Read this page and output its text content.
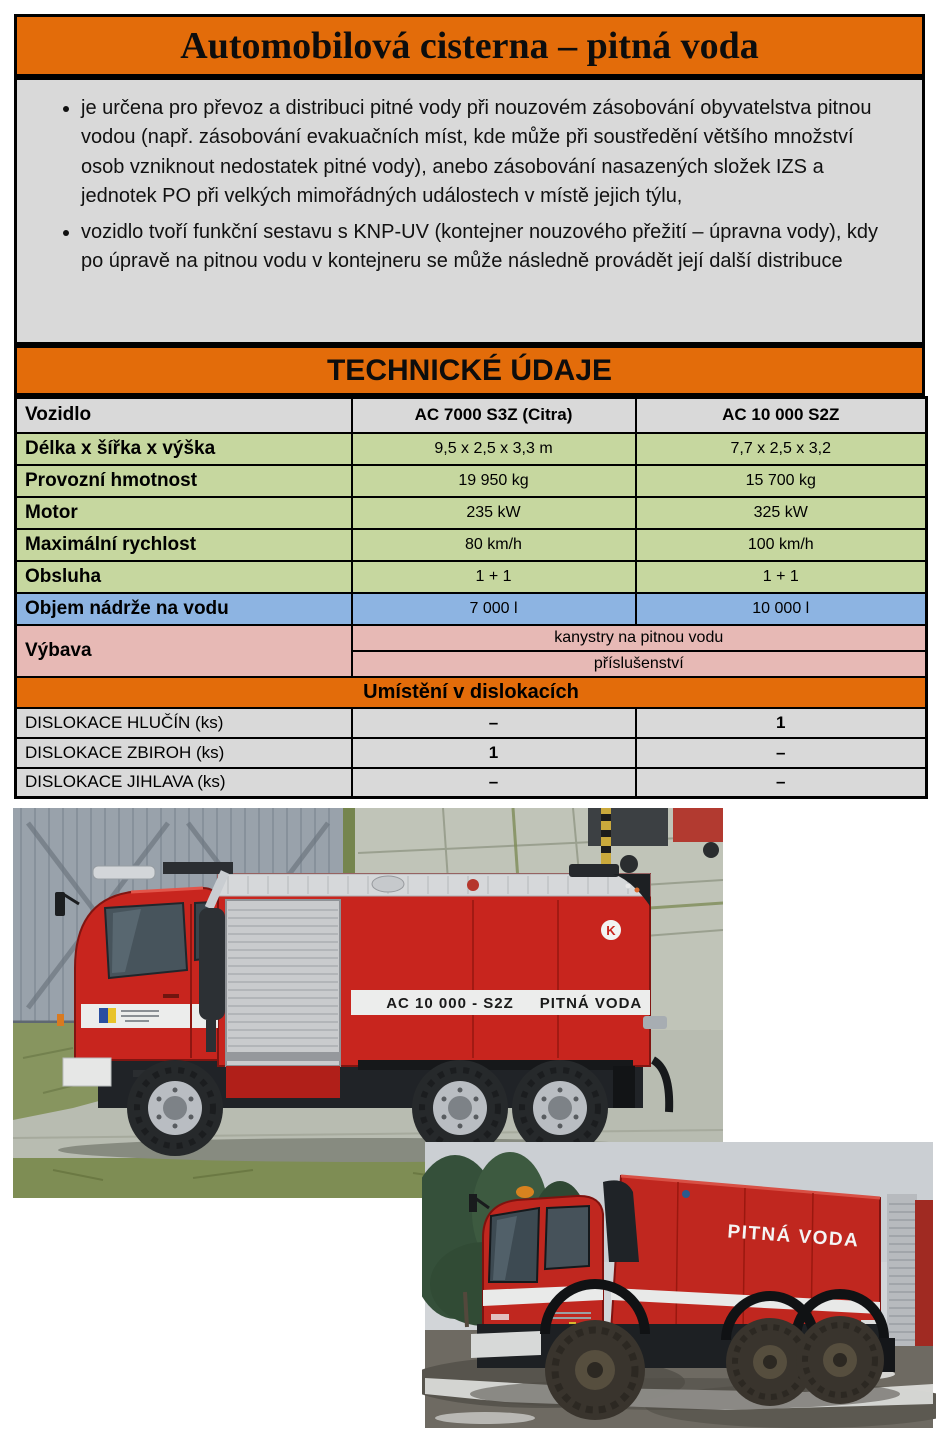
Automobilová cisterna – pitná voda
• je určena pro převoz a distribuci pitné vody při nouzovém zásobování obyvatelstva pitnou vodou (např. zásobování evakuačních míst, kde může při soustředění většího množství osob vzniknout nedostatek pitné vody), anebo zásobování nasazených složek IZS a jednotek PO při velkých mimořádných událostech v místě jejich týlu,
• vozidlo tvoří funkční sestavu s KNP-UV (kontejner nouzového přežití – úpravna vody), kdy po úpravě na pitnou vodu v kontejneru se může následně provádět její další distribuce
TECHNICKÉ ÚDAJE
Vozidlo	AC 7000 S3Z (Citra)	AC 10 000 S2Z
Délka x šířka x výška	9,5 x 2,5 x 3,3 m	7,7 x 2,5 x 3,2
Provozní hmotnost	19 950 kg	15 700 kg
Motor	235 kW	325 kW
Maximální rychlost	80 km/h	100 km/h
Obsluha	1 + 1	1 + 1
Objem nádrže na vodu	7 000 l	10 000 l
Výbava	kanystry na pitnou vodu	
	příslušenství	
Umístění v dislokacích		
DISLOKACE HLUČÍN (ks)	–	1
DISLOKACE ZBIROH (ks)	1	–
DISLOKACE JIHLAVA (ks)	–	–
K
AC 10 000 - S2Z PITNÁ VODA
PITNÁ VODA
